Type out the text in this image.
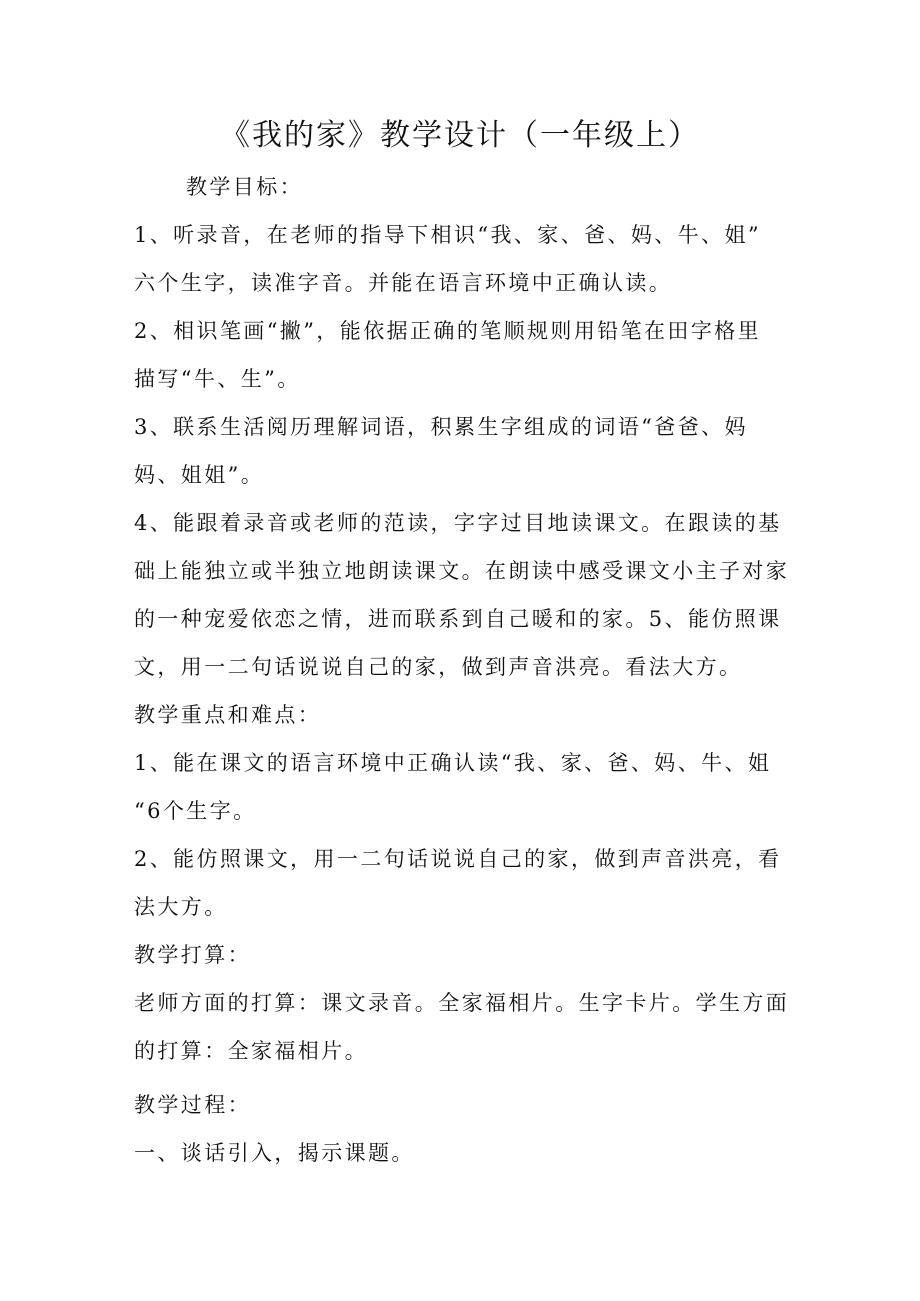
《我的家》教学设计（一年级上）
教学目标：
1、听录音，在老师的指导下相识“我、家、爸、妈、牛、姐”
六个生字，读准字音。并能在语言环境中正确认读。
2、相识笔画“撇”，能依据正确的笔顺规则用铅笔在田字格里
描写“牛、生”。
3、联系生活阅历理解词语，积累生字组成的词语“爸爸、妈
妈、姐姐”。
4、能跟着录音或老师的范读，字字过目地读课文。在跟读的基
础上能独立或半独立地朗读课文。在朗读中感受课文小主子对家
的一种宠爱依恋之情，进而联系到自己暖和的家。5、能仿照课
文，用一二句话说说自己的家，做到声音洪亮。看法大方。
教学重点和难点：
1、能在课文的语言环境中正确认读“我、家、爸、妈、牛、姐
“6个生字。
2、能仿照课文，用一二句话说说自己的家，做到声音洪亮，看
法大方。
教学打算：
老师方面的打算：课文录音。全家福相片。生字卡片。学生方面
的打算：全家福相片。
教学过程：
一、谈话引入，揭示课题。
